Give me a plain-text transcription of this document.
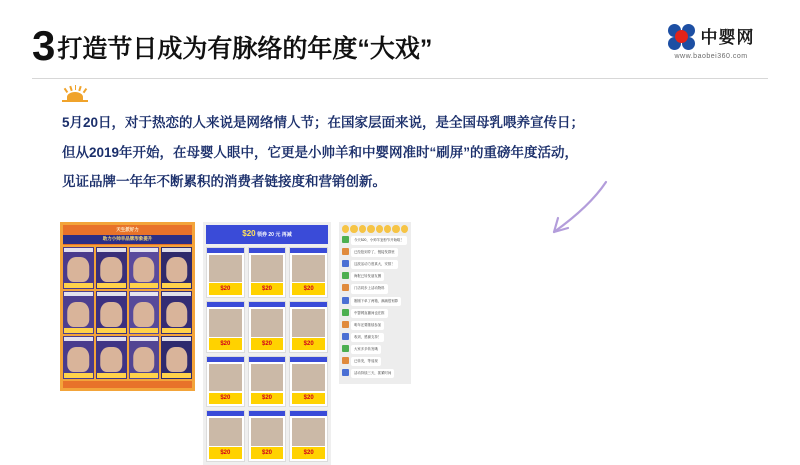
中婴网
www.baobei360.com
3 打造节日成为有脉络的年度“大戏”

5月20日，对于热恋的人来说是网络情人节；在国家层面来说，是全国母乳喂养宣传日；

但从2019年开始，在母婴人眼中，它更是小帅羊和中婴网准时“刷屏”的重磅年度活动，

见证品牌一年年不断累积的消费者链接度和营销创新。

天生派好力
助力小帅羊品牌形象提升
$20 领券 20 元 再减
$20	$20	$20
$20	$20	$20
$20	$20	$20
$20	$20	$20
今天520，小帅羊宠粉节开始啦！
已经抢到券了，链接发群里
这波活动力度真大，安排！
海报已转发朋友圈
门店同步上活动物料
刚刚下单了两箱，满减很划算
中婴网直播间也在推
明年还要继续参加
收到，感谢支持！
大家多多转发哦
已转发，等返现
活动持续三天，抓紧时间
